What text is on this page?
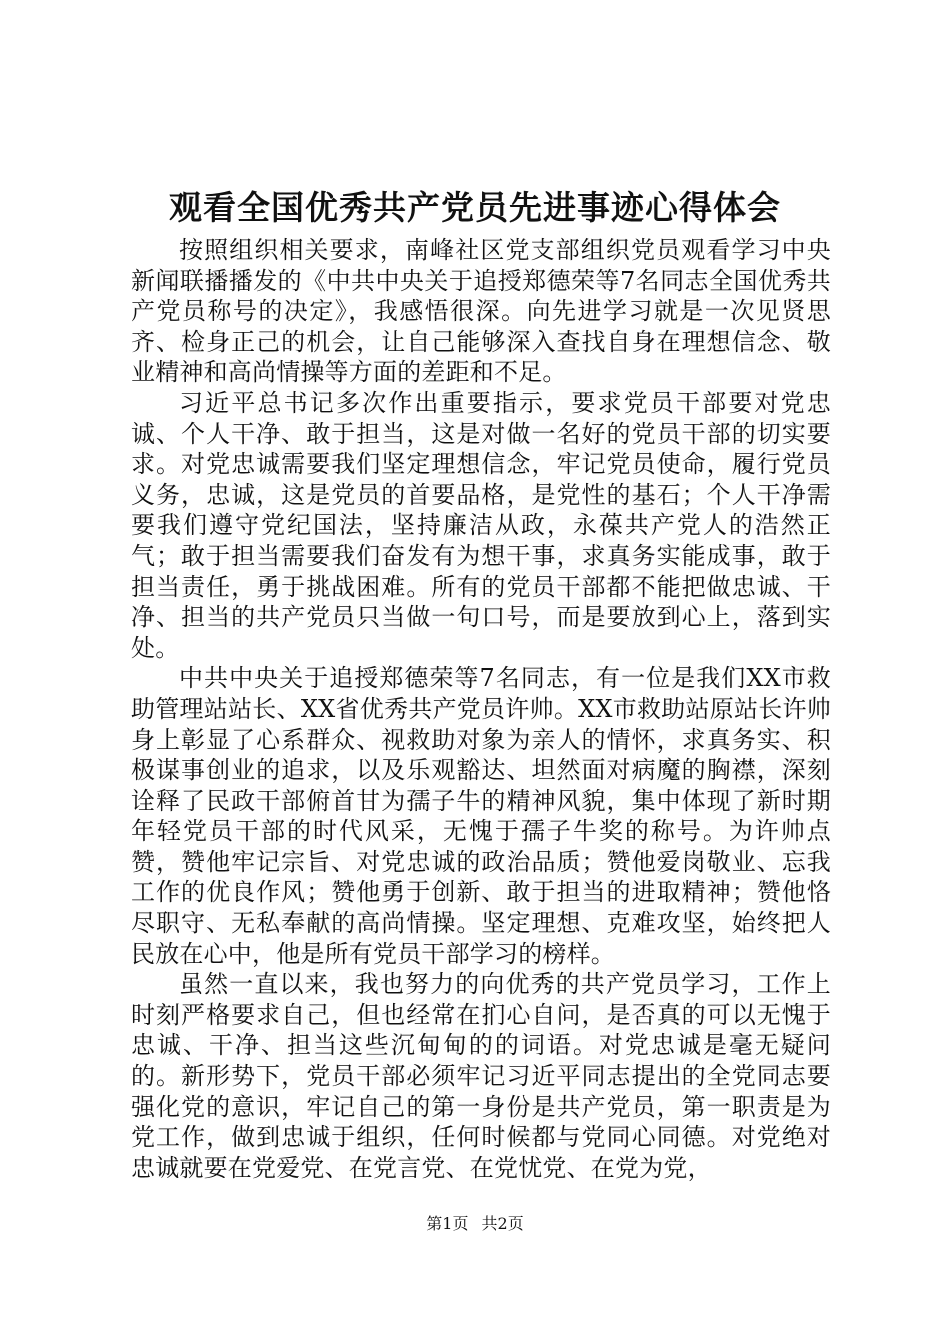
观看全国优秀共产党员先进事迹心得体会

按照组织相关要求，南峰社区党支部组织党员观看学习中央新闻联播播发的《中共中央关于追授郑德荣等7名同志全国优秀共产党员称号的决定》，我感悟很深。向先进学习就是一次见贤思齐、检身正己的机会，让自己能够深入查找自身在理想信念、敬业精神和高尚情操等方面的差距和不足。

习近平总书记多次作出重要指示，要求党员干部要对党忠诚、个人干净、敢于担当，这是对做一名好的党员干部的切实要求。对党忠诚需要我们坚定理想信念，牢记党员使命，履行党员义务，忠诚，这是党员的首要品格，是党性的基石；个人干净需要我们遵守党纪国法，坚持廉洁从政，永葆共产党人的浩然正气；敢于担当需要我们奋发有为想干事，求真务实能成事，敢于担当责任，勇于挑战困难。所有的党员干部都不能把做忠诚、干净、担当的共产党员只当做一句口号，而是要放到心上，落到实处。

中共中央关于追授郑德荣等7名同志，有一位是我们XX市救助管理站站长、XX省优秀共产党员许帅。XX市救助站原站长许帅身上彰显了心系群众、视救助对象为亲人的情怀，求真务实、积极谋事创业的追求，以及乐观豁达、坦然面对病魔的胸襟，深刻诠释了民政干部俯首甘为孺子牛的精神风貌，集中体现了新时期年轻党员干部的时代风采，无愧于孺子牛奖的称号。为许帅点赞，赞他牢记宗旨、对党忠诚的政治品质；赞他爱岗敬业、忘我工作的优良作风；赞他勇于创新、敢于担当的进取精神；赞他恪尽职守、无私奉献的高尚情操。坚定理想、克难攻坚，始终把人民放在心中，他是所有党员干部学习的榜样。

虽然一直以来，我也努力的向优秀的共产党员学习，工作上时刻严格要求自己，但也经常在扪心自问，是否真的可以无愧于忠诚、干净、担当这些沉甸甸的的词语。对党忠诚是毫无疑问的。新形势下，党员干部必须牢记习近平同志提出的全党同志要强化党的意识，牢记自己的第一身份是共产党员，第一职责是为党工作，做到忠诚于组织，任何时候都与党同心同德。对党绝对忠诚就要在党爱党、在党言党、在党忧党、在党为党，

第1页 共2页
